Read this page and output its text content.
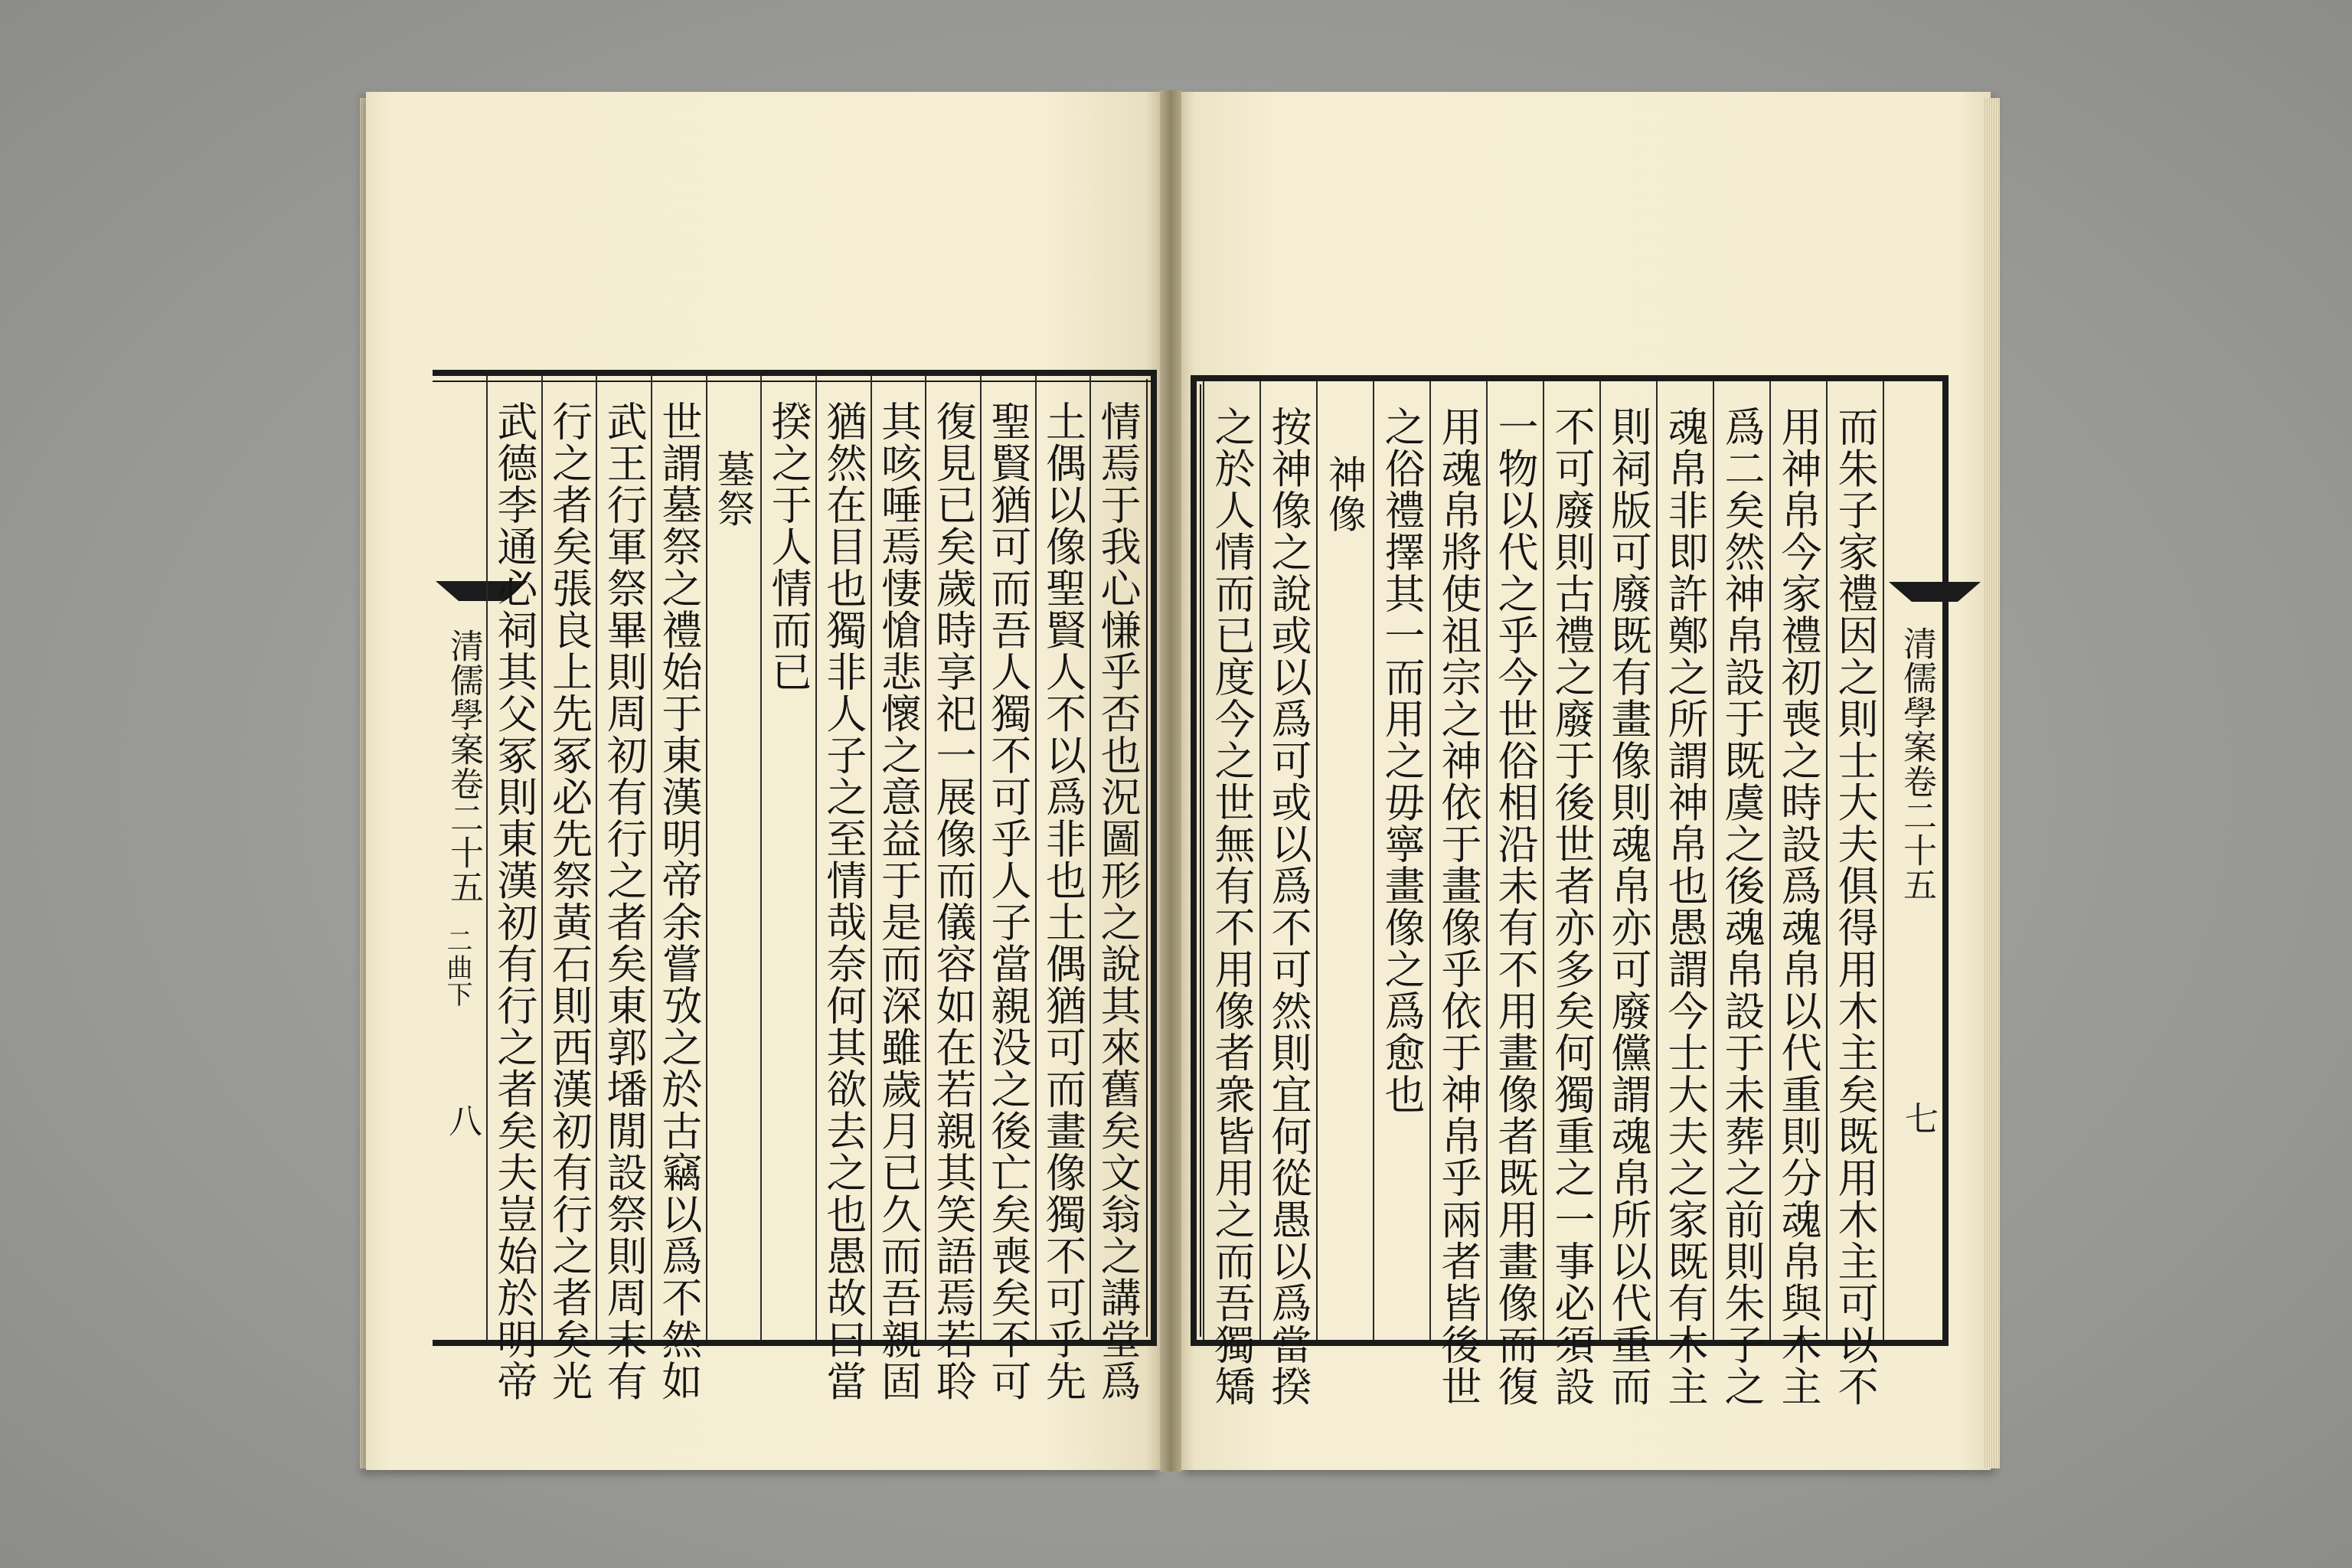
清儒學案卷二十五
二曲下
八	情焉于我心慊乎否也況圖形之說其來舊矣文翁之講堂爲
土偶以像聖賢人不以爲非也土偶猶可而畫像獨不可乎先
聖賢猶可而吾人獨不可乎人子當親没之後亡矣喪矣不可
復見已矣歲時享祀一展像而儀容如在若親其笑語焉若聆
其咳唾焉悽愴悲懷之意益于是而深雖歲月已久而吾親固
猶然在目也獨非人子之至情哉奈何其欲去之也愚故曰當
揆之于人情而已
墓祭
世謂墓祭之禮始于東漢明帝余嘗攷之於古竊以爲不然如
武王行軍祭畢則周初有行之者矣東郭墦閒設祭則周末有
行之者矣張良上先冢必先祭黃石則西漢初有行之者矣光
武德李通必祠其父冢則東漢初有行之者矣夫豈始於明帝	清儒學案卷二十五
七
而朱子家禮因之則士大夫俱得用木主矣既用木主可以不
用神帛今家禮初喪之時設爲魂帛以代重則分魂帛與木主
爲二矣然神帛設于既虞之後魂帛設于未葬之前則朱子之
魂帛非即許鄭之所謂神帛也愚謂今士大夫之家既有木主
則祠版可廢既有畫像則魂帛亦可廢儻謂魂帛所以代重而
不可廢則古禮之廢于後世者亦多矣何獨重之一事必須設
一物以代之乎今世俗相沿未有不用畫像者既用畫像而復
用魂帛將使祖宗之神依于畫像乎依于神帛乎兩者皆後世
之俗禮擇其一而用之毋寧畫像之爲愈也
神像
按神像之說或以爲可或以爲不可然則宜何從愚以爲當揆
之於人情而已度今之世無有不用像者衆皆用之而吾獨矯
